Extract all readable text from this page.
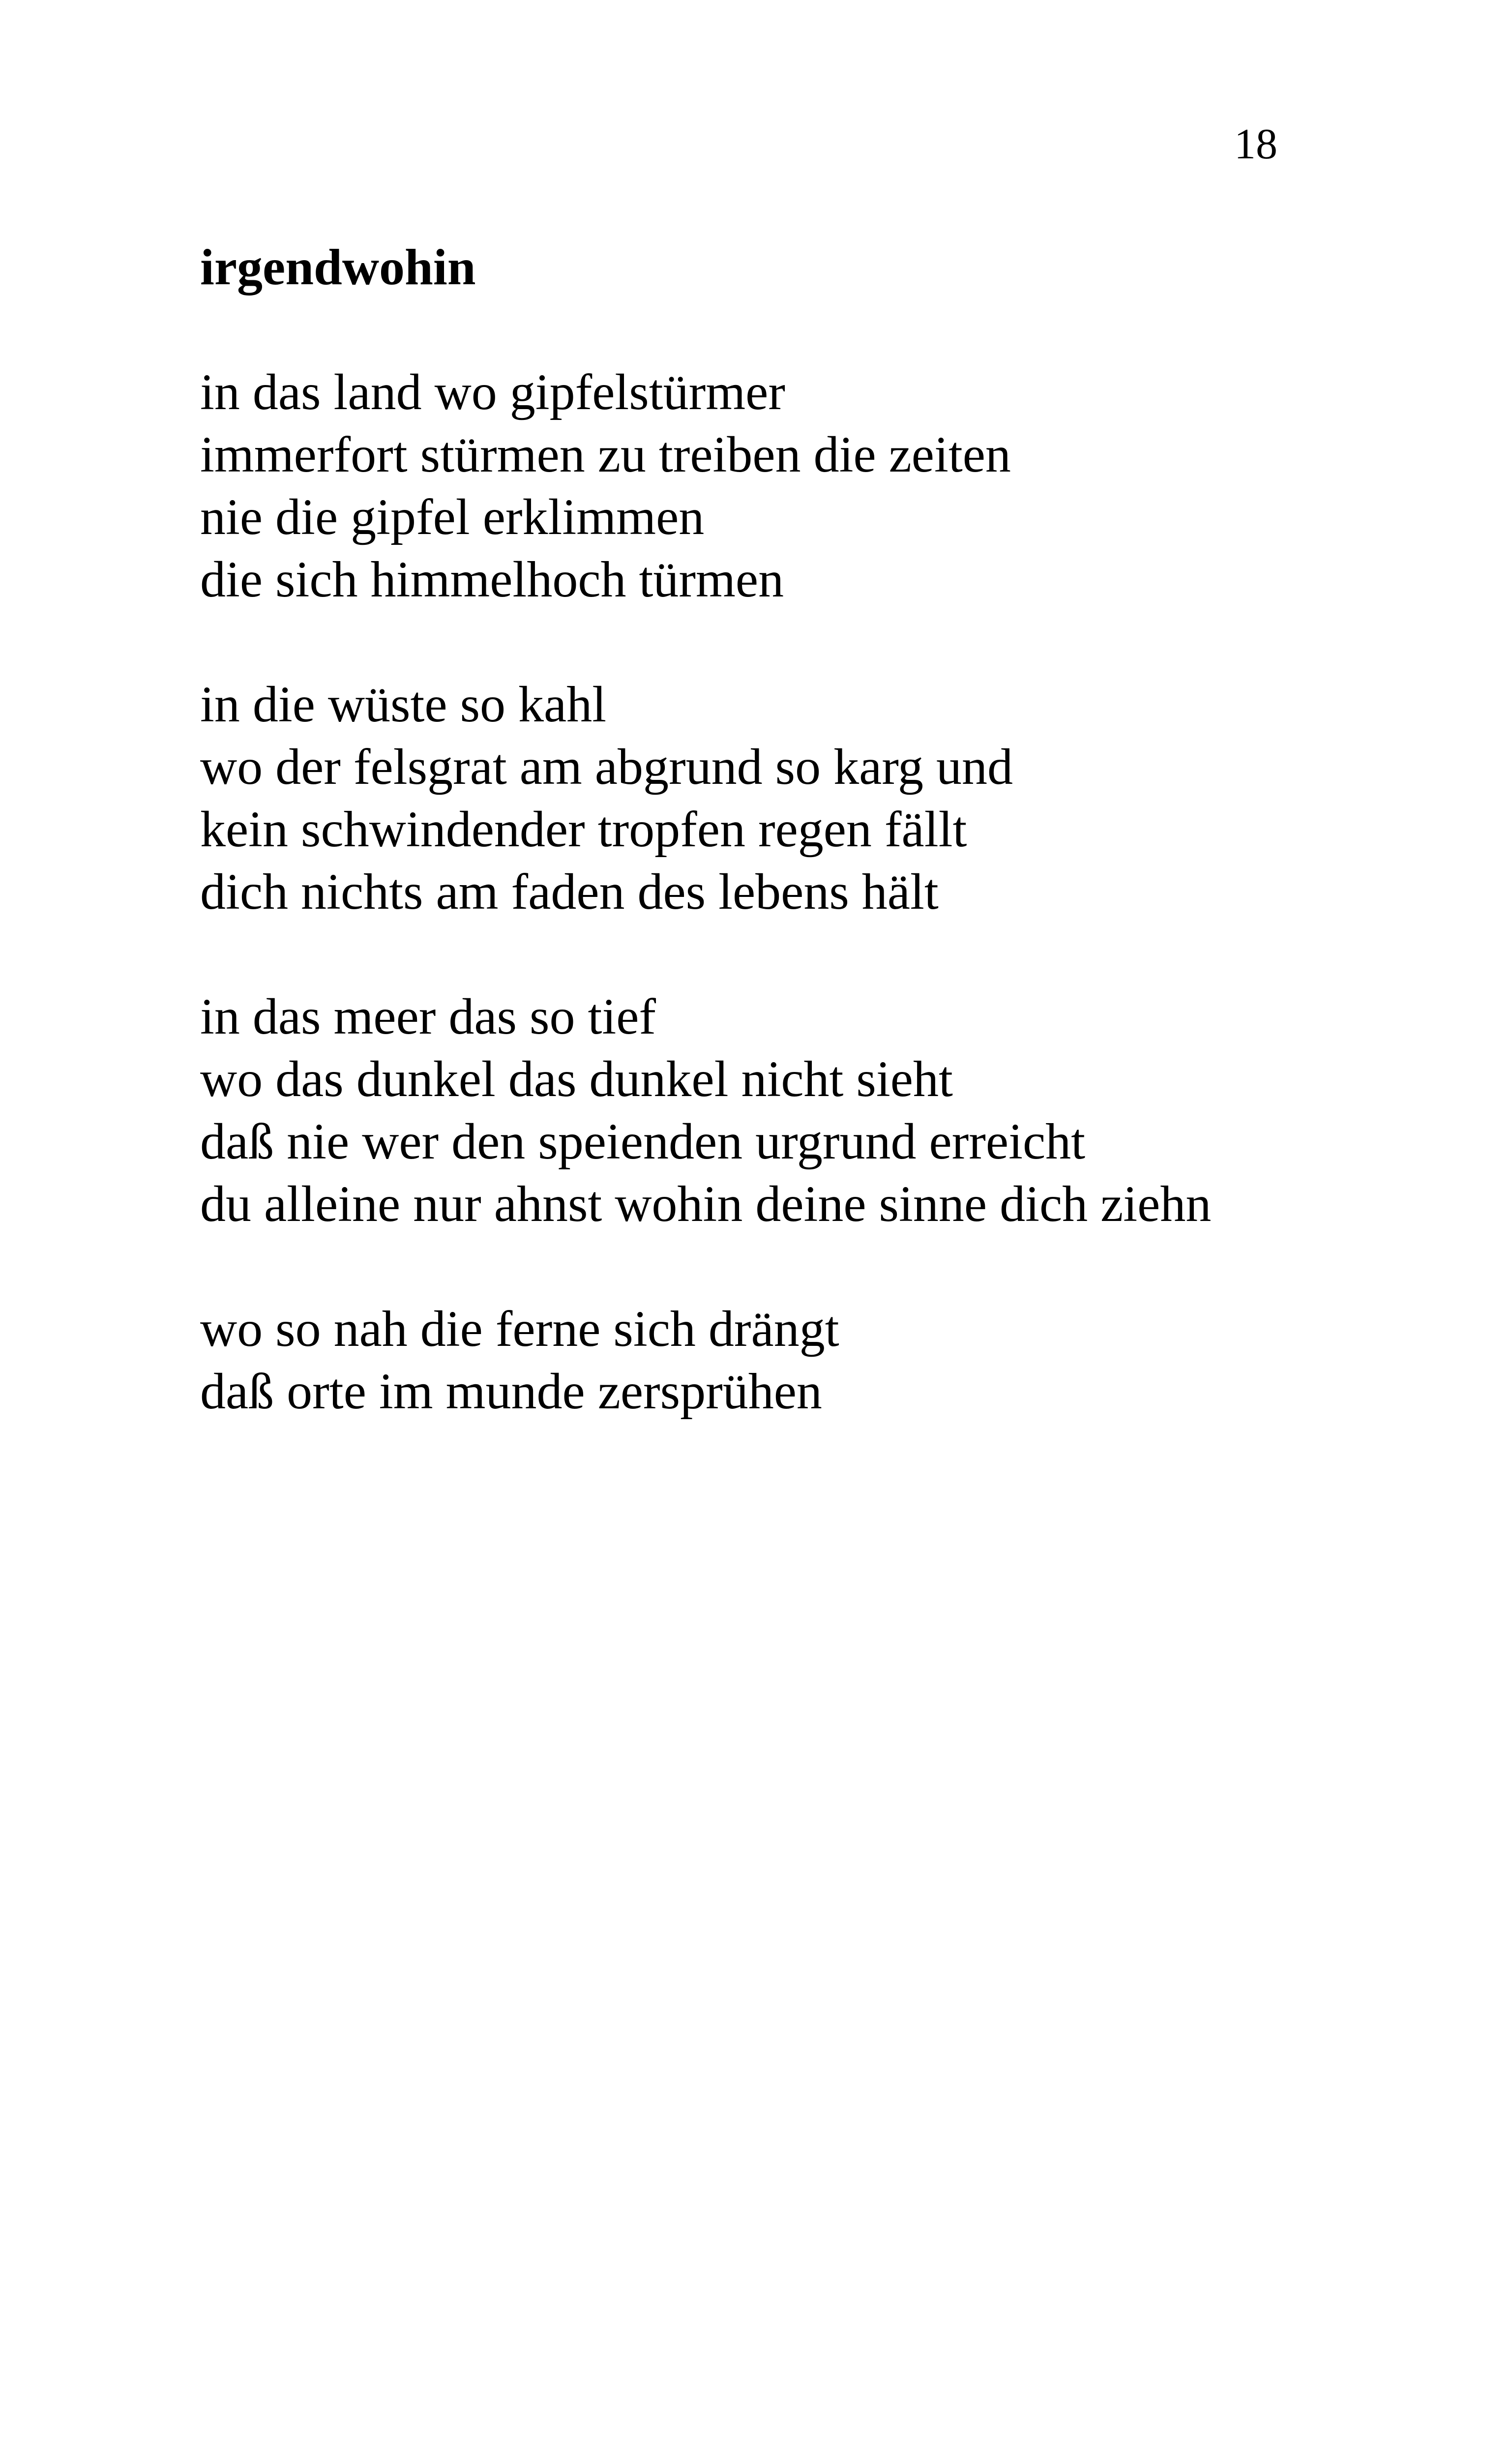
18
irgendwohin
in das land wo gipfelstürmer
immerfort stürmen zu treiben die zeiten
nie die gipfel erklimmen
die sich himmelhoch türmen
in die wüste so kahl
wo der felsgrat am abgrund so karg und
kein schwindender tropfen regen fällt
dich nichts am faden des lebens hält
in das meer das so tief
wo das dunkel das dunkel nicht sieht
daß nie wer den speienden urgrund erreicht
du alleine nur ahnst wohin deine sinne dich ziehn
wo so nah die ferne sich drängt
daß orte im munde zersprühen
